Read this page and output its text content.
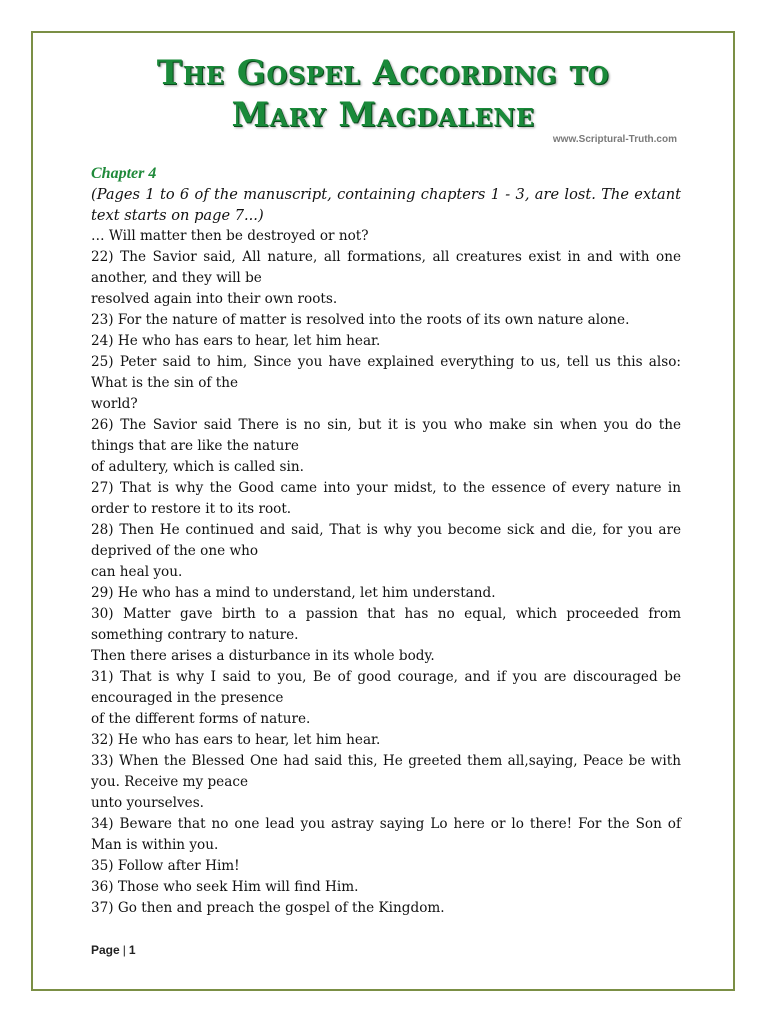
The Gospel According to
Mary Magdalene
www.Scriptural-Truth.com
Chapter 4
(Pages 1 to 6 of the manuscript, containing chapters 1 - 3, are lost. The extant text starts on page 7...)
… Will matter then be destroyed or not?
22) The Savior said, All nature, all formations, all creatures exist in and with one another, and they will be
resolved again into their own roots.
23) For the nature of matter is resolved into the roots of its own nature alone.
24) He who has ears to hear, let him hear.
25) Peter said to him, Since you have explained everything to us, tell us this also: What is the sin of the
world?
26) The Savior said There is no sin, but it is you who make sin when you do the things that are like the nature
of adultery, which is called sin.
27) That is why the Good came into your midst, to the essence of every nature in order to restore it to its root.
28) Then He continued and said, That is why you become sick and die, for you are deprived of the one who
can heal you.
29) He who has a mind to understand, let him understand.
30) Matter gave birth to a passion that has no equal, which proceeded from something contrary to nature.
Then there arises a disturbance in its whole body.
31) That is why I said to you, Be of good courage, and if you are discouraged be encouraged in the presence
of the different forms of nature.
32) He who has ears to hear, let him hear.
33) When the Blessed One had said this, He greeted them all,saying, Peace be with you. Receive my peace
unto yourselves.
34) Beware that no one lead you astray saying Lo here or lo there! For the Son of Man is within you.
35) Follow after Him!
36) Those who seek Him will find Him.
37) Go then and preach the gospel of the Kingdom.
Page | 1
